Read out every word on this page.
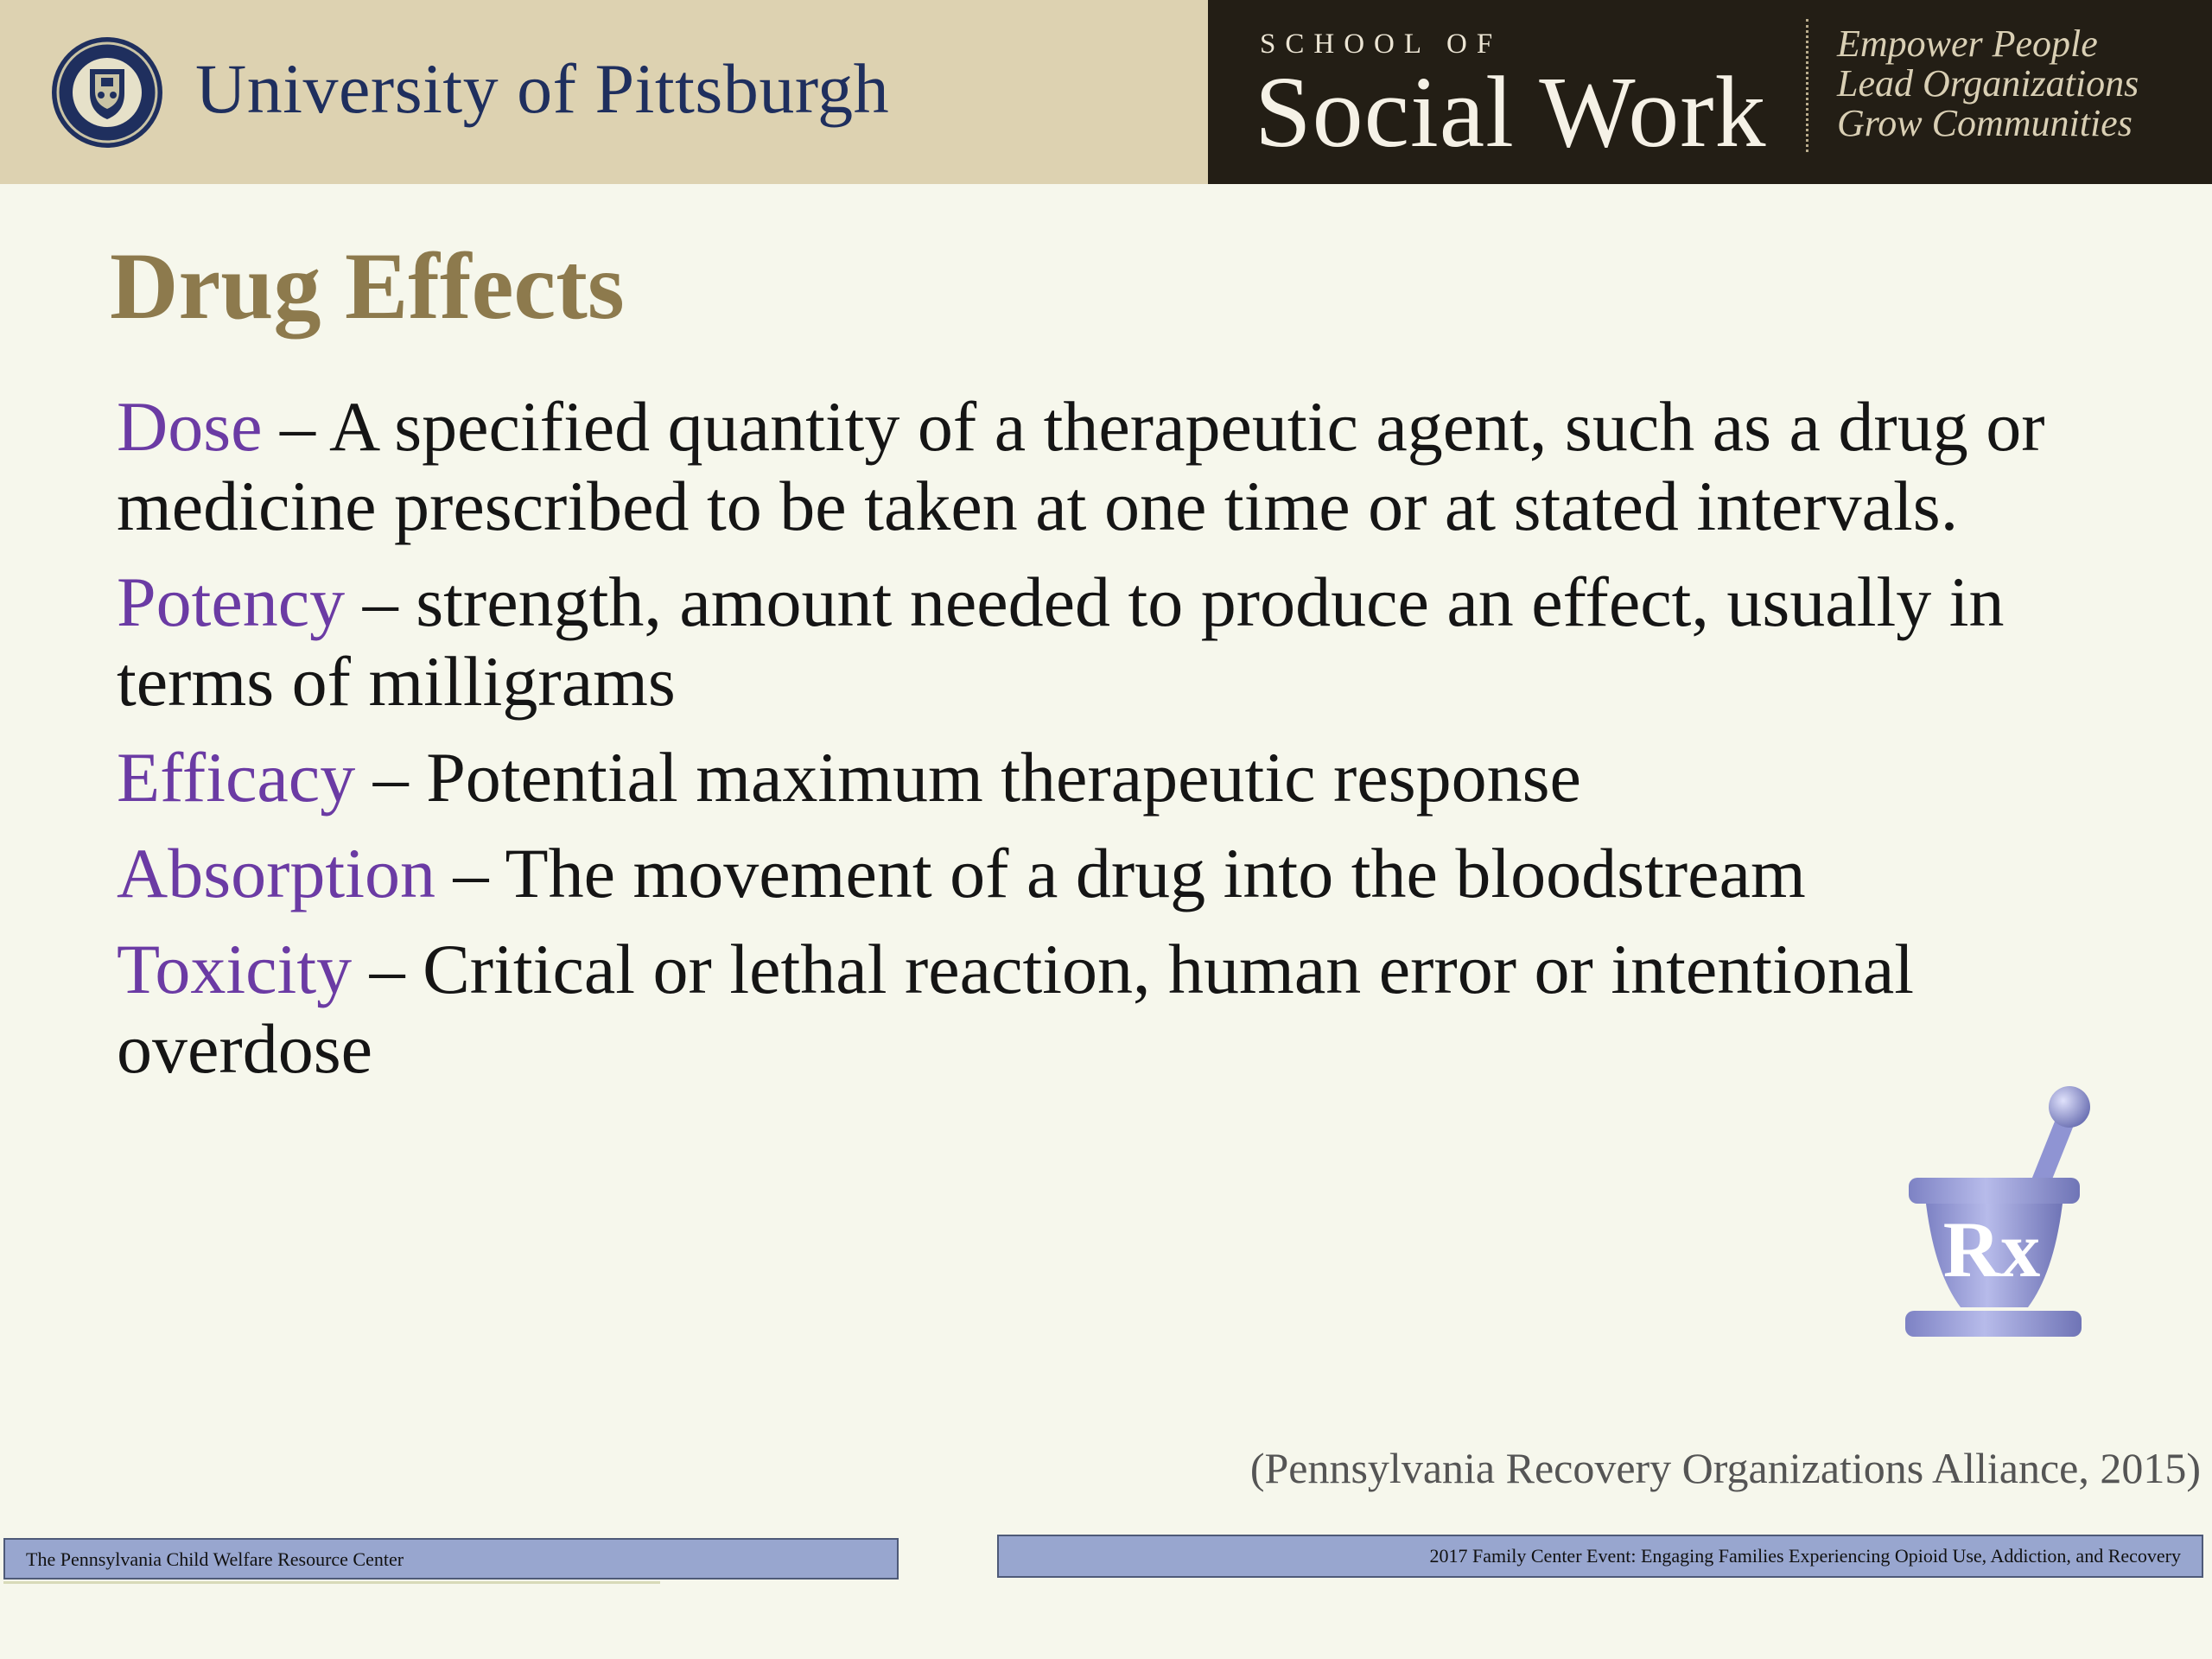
University of Pittsburgh
SCHOOL OF
Social Work
Empower People
Lead Organizations
Grow Communities
Drug Effects
Dose – A specified quantity of a therapeutic agent, such as a drug or medicine prescribed to be taken at one time or at stated intervals.
Potency – strength, amount needed to produce an effect, usually in terms of milligrams
Efficacy – Potential maximum therapeutic response
Absorption – The movement of a drug into the bloodstream
Toxicity – Critical or lethal reaction, human error or intentional overdose
Rx
(Pennsylvania Recovery Organizations Alliance, 2015)
The Pennsylvania Child Welfare Resource Center	2017 Family Center Event: Engaging Families Experiencing Opioid Use, Addiction, and Recovery
